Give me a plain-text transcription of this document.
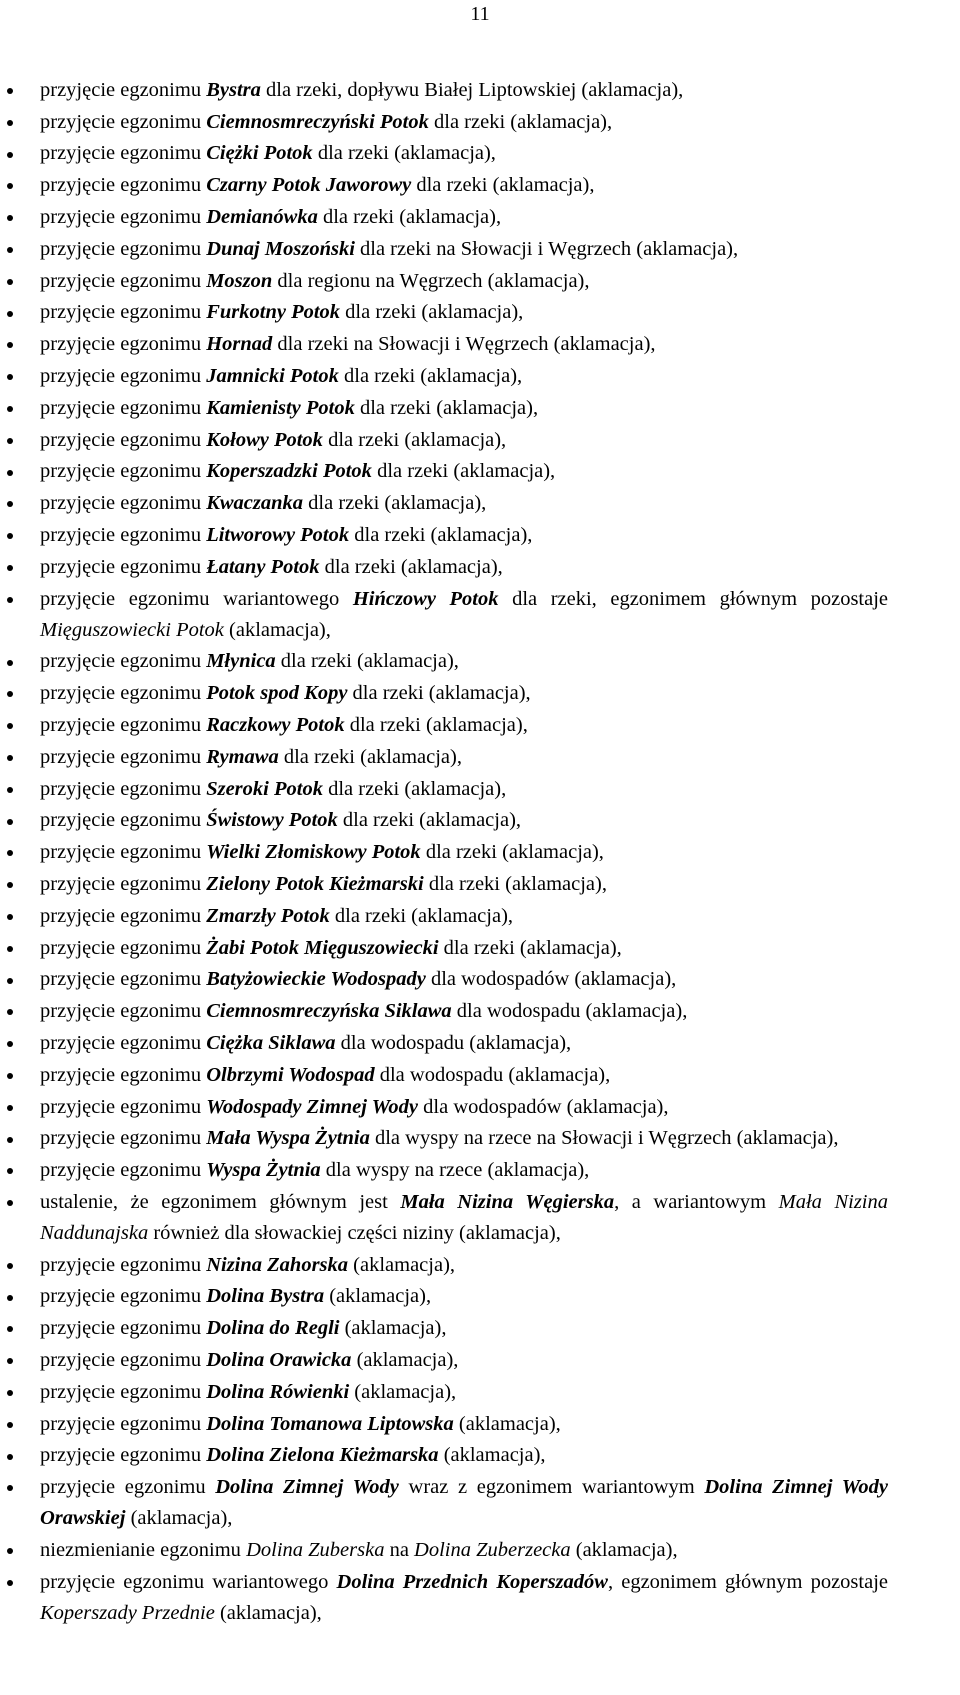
11
przyjęcie egzonimu Bystra dla rzeki, dopływu Białej Liptowskiej (aklamacja),
przyjęcie egzonimu Ciemnosmreczyński Potok dla rzeki (aklamacja),
przyjęcie egzonimu Ciężki Potok dla rzeki (aklamacja),
przyjęcie egzonimu Czarny Potok Jaworowy dla rzeki (aklamacja),
przyjęcie egzonimu Demianówka dla rzeki (aklamacja),
przyjęcie egzonimu Dunaj Moszoński dla rzeki na Słowacji i Węgrzech (aklamacja),
przyjęcie egzonimu Moszon dla regionu na Węgrzech (aklamacja),
przyjęcie egzonimu Furkotny Potok dla rzeki (aklamacja),
przyjęcie egzonimu Hornad dla rzeki na Słowacji i Węgrzech (aklamacja),
przyjęcie egzonimu Jamnicki Potok dla rzeki (aklamacja),
przyjęcie egzonimu Kamienisty Potok dla rzeki (aklamacja),
przyjęcie egzonimu Kołowy Potok dla rzeki (aklamacja),
przyjęcie egzonimu Koperszadzki Potok dla rzeki (aklamacja),
przyjęcie egzonimu Kwaczanka dla rzeki (aklamacja),
przyjęcie egzonimu Litworowy Potok dla rzeki (aklamacja),
przyjęcie egzonimu Łatany Potok dla rzeki (aklamacja),
przyjęcie egzonimu wariantowego Hińczowy Potok dla rzeki, egzonimem głównym pozostaje Mięguszowiecki Potok (aklamacja),
przyjęcie egzonimu Młynica dla rzeki (aklamacja),
przyjęcie egzonimu Potok spod Kopy dla rzeki (aklamacja),
przyjęcie egzonimu Raczkowy Potok dla rzeki (aklamacja),
przyjęcie egzonimu Rymawa dla rzeki (aklamacja),
przyjęcie egzonimu Szeroki Potok dla rzeki (aklamacja),
przyjęcie egzonimu Świstowy Potok dla rzeki (aklamacja),
przyjęcie egzonimu Wielki Złomiskowy Potok dla rzeki (aklamacja),
przyjęcie egzonimu Zielony Potok Kieżmarski dla rzeki (aklamacja),
przyjęcie egzonimu Zmarzły Potok dla rzeki (aklamacja),
przyjęcie egzonimu Żabi Potok Mięguszowiecki dla rzeki (aklamacja),
przyjęcie egzonimu Batyżowieckie Wodospady dla wodospadów (aklamacja),
przyjęcie egzonimu Ciemnosmreczyńska Siklawa dla wodospadu (aklamacja),
przyjęcie egzonimu Ciężka Siklawa dla wodospadu (aklamacja),
przyjęcie egzonimu Olbrzymi Wodospad dla wodospadu (aklamacja),
przyjęcie egzonimu Wodospady Zimnej Wody dla wodospadów (aklamacja),
przyjęcie egzonimu Mała Wyspa Żytnia dla wyspy na rzece na Słowacji i Węgrzech (aklamacja),
przyjęcie egzonimu Wyspa Żytnia dla wyspy na rzece (aklamacja),
ustalenie, że egzonimem głównym jest Mała Nizina Węgierska, a wariantowym Mała Nizina Naddunajska również dla słowackiej części niziny (aklamacja),
przyjęcie egzonimu Nizina Zahorska (aklamacja),
przyjęcie egzonimu Dolina Bystra (aklamacja),
przyjęcie egzonimu Dolina do Regli (aklamacja),
przyjęcie egzonimu Dolina Orawicka (aklamacja),
przyjęcie egzonimu Dolina Rówienki (aklamacja),
przyjęcie egzonimu Dolina Tomanowa Liptowska (aklamacja),
przyjęcie egzonimu Dolina Zielona Kieżmarska (aklamacja),
przyjęcie egzonimu Dolina Zimnej Wody wraz z egzonimem wariantowym Dolina Zimnej Wody Orawskiej (aklamacja),
niezmienianie egzonimu Dolina Zuberska na Dolina Zuberzecka (aklamacja),
przyjęcie egzonimu wariantowego Dolina Przednich Koperszadów, egzonimem głównym pozostaje Koperszady Przednie (aklamacja),
